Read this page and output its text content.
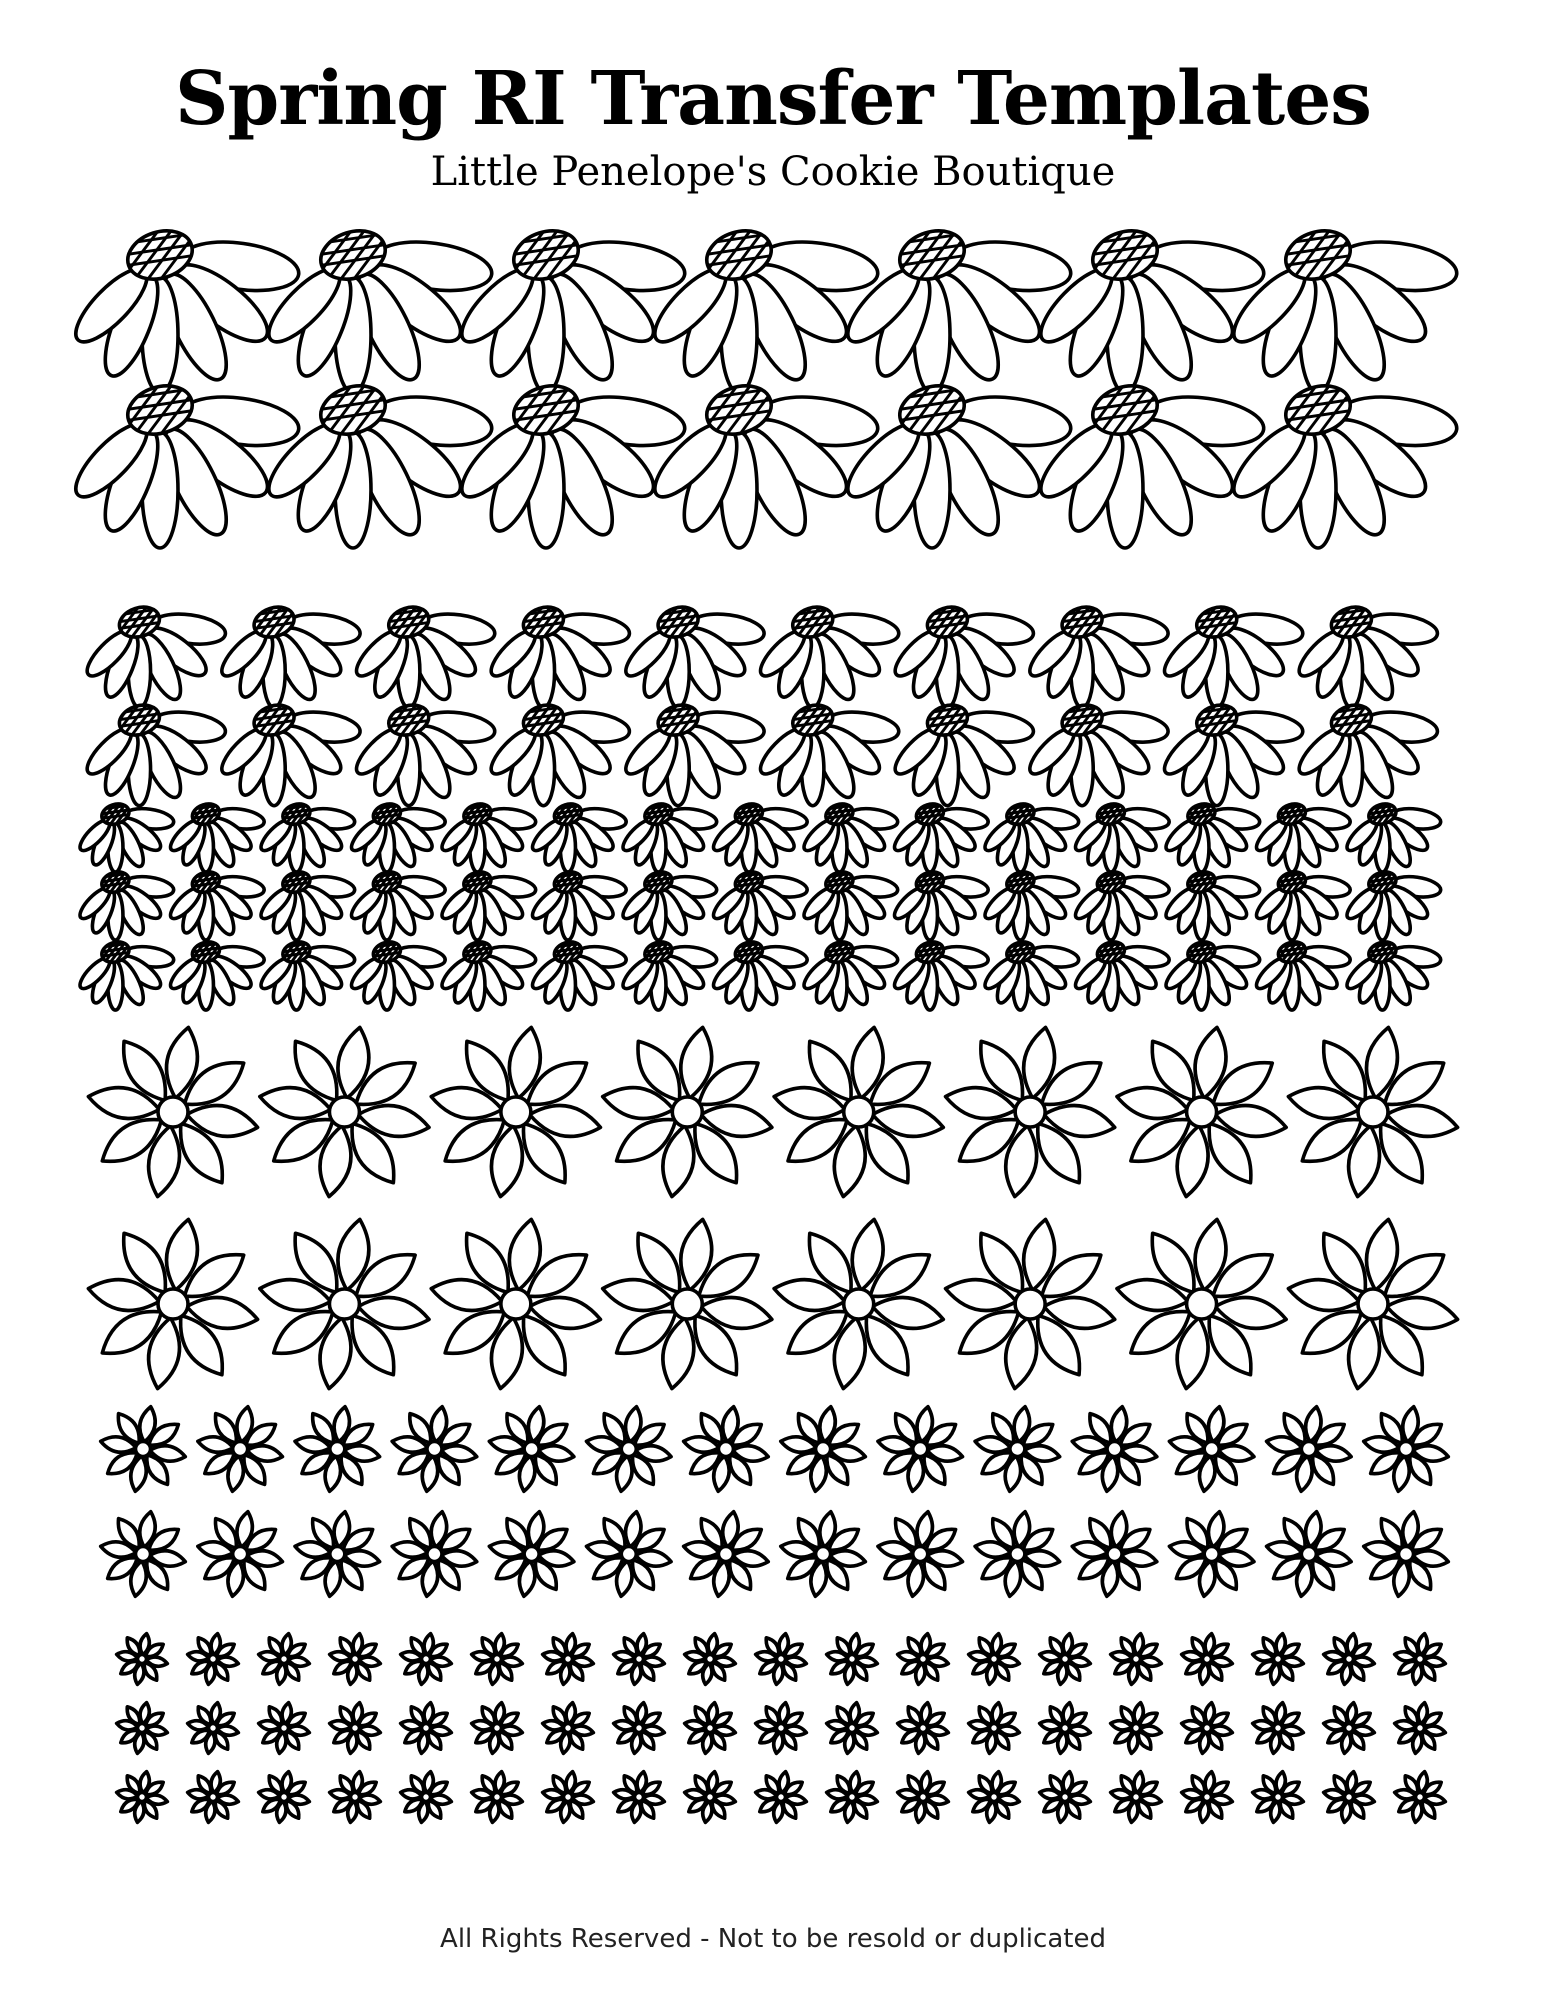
Spring RI Transfer Templates
Little Penelope's Cookie Boutique
All Rights Reserved - Not to be resold or duplicated
